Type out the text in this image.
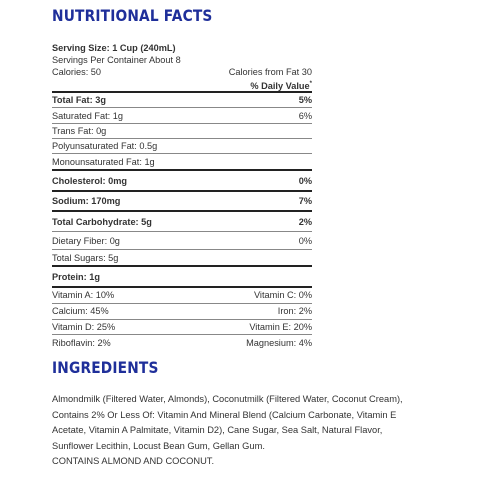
NUTRITIONAL FACTS
Serving Size: 1 Cup (240mL)
Servings Per Container About 8
Calories: 50	Calories from Fat 30
% Daily Value*
Total Fat: 3g	5%
Saturated Fat: 1g	6%
Trans Fat: 0g
Polyunsaturated Fat: 0.5g
Monounsaturated Fat: 1g
Cholesterol: 0mg	0%
Sodium: 170mg	7%
Total Carbohydrate: 5g	2%
Dietary Fiber: 0g	0%
Total Sugars: 5g
Protein: 1g
Vitamin A: 10%	Vitamin C: 0%
Calcium: 45%	Iron: 2%
Vitamin D: 25%	Vitamin E: 20%
Riboflavin: 2%	Magnesium: 4%
INGREDIENTS

Almondmilk (Filtered Water, Almonds), Coconutmilk (Filtered Water, Coconut Cream), Contains 2% Or Less Of: Vitamin And Mineral Blend (Calcium Carbonate, Vitamin E Acetate, Vitamin A Palmitate, Vitamin D2), Cane Sugar, Sea Salt, Natural Flavor, Sunflower Lecithin, Locust Bean Gum, Gellan Gum.

CONTAINS ALMOND AND COCONUT.
